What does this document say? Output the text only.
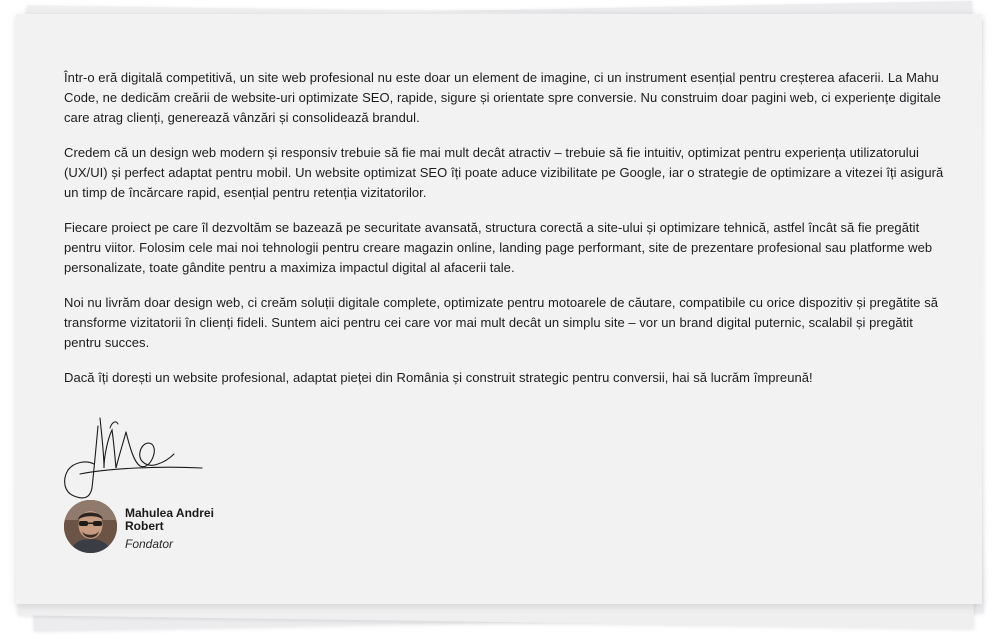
Într-o eră digitală competitivă, un site web profesional nu este doar un element de imagine, ci un instrument esențial pentru creșterea afacerii. La Mahu Code, ne dedicăm creării de website-uri optimizate SEO, rapide, sigure și orientate spre conversie. Nu construim doar pagini web, ci experiențe digitale care atrag clienți, generează vânzări și consolidează brandul.

Credem că un design web modern și responsiv trebuie să fie mai mult decât atractiv – trebuie să fie intuitiv, optimizat pentru experiența utilizatorului (UX/UI) și perfect adaptat pentru mobil. Un website optimizat SEO îți poate aduce vizibilitate pe Google, iar o strategie de optimizare a vitezei îți asigură un timp de încărcare rapid, esențial pentru retenția vizitatorilor.

Fiecare proiect pe care îl dezvoltăm se bazează pe securitate avansată, structura corectă a site-ului și optimizare tehnică, astfel încât să fie pregătit pentru viitor. Folosim cele mai noi tehnologii pentru creare magazin online, landing page performant, site de prezentare profesional sau platforme web personalizate, toate gândite pentru a maximiza impactul digital al afacerii tale.

Noi nu livrăm doar design web, ci creăm soluții digitale complete, optimizate pentru motoarele de căutare, compatibile cu orice dispozitiv și pregătite să transforme vizitatorii în clienți fideli. Suntem aici pentru cei care vor mai mult decât un simplu site – vor un brand digital puternic, scalabil și pregătit pentru succes.

Dacă îți dorești un website profesional, adaptat pieței din România și construit strategic pentru conversii, hai să lucrăm împreună!

Mahulea Andrei Robert
Fondator
